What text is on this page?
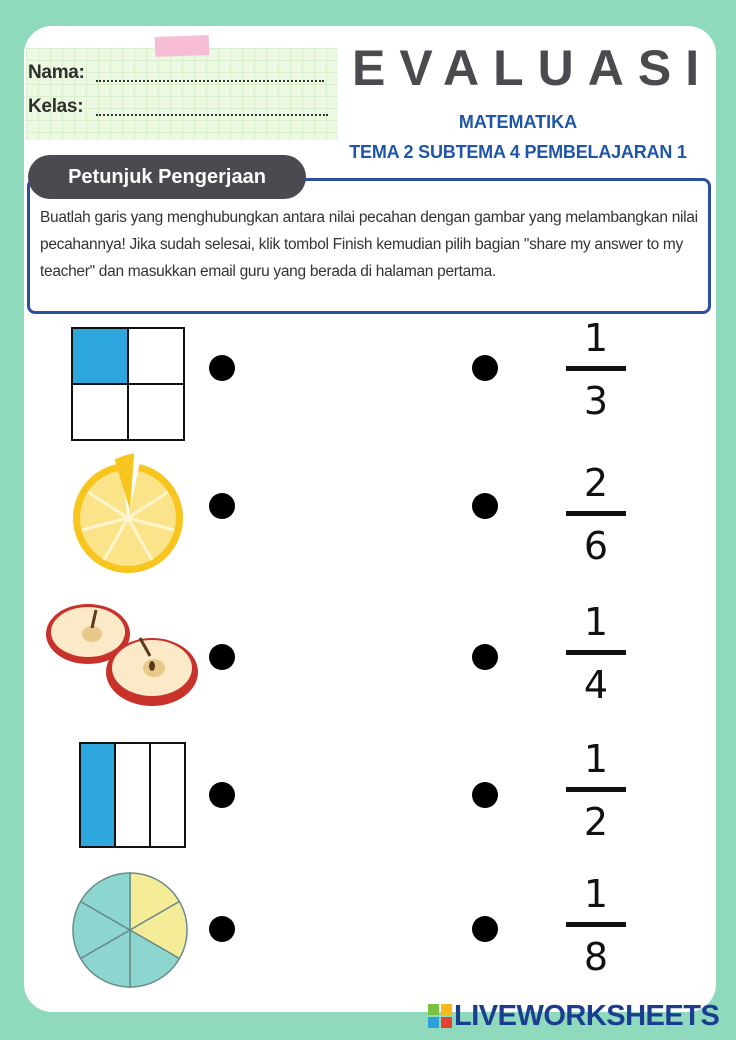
Nama:
Kelas:
EVALUASI
MATEMATIKA
TEMA 2 SUBTEMA 4 PEMBELAJARAN 1
Petunjuk Pengerjaan
Buatlah garis yang menghubungkan antara nilai pecahan dengan gambar yang melambangkan nilai pecahannya! Jika sudah selesai, klik tombol Finish kemudian pilih bagian "share my answer to my teacher" dan masukkan email guru yang berada di halaman pertama.
1
3
2
6
1
4
1
2
1
8
LIVEWORKSHEETS
